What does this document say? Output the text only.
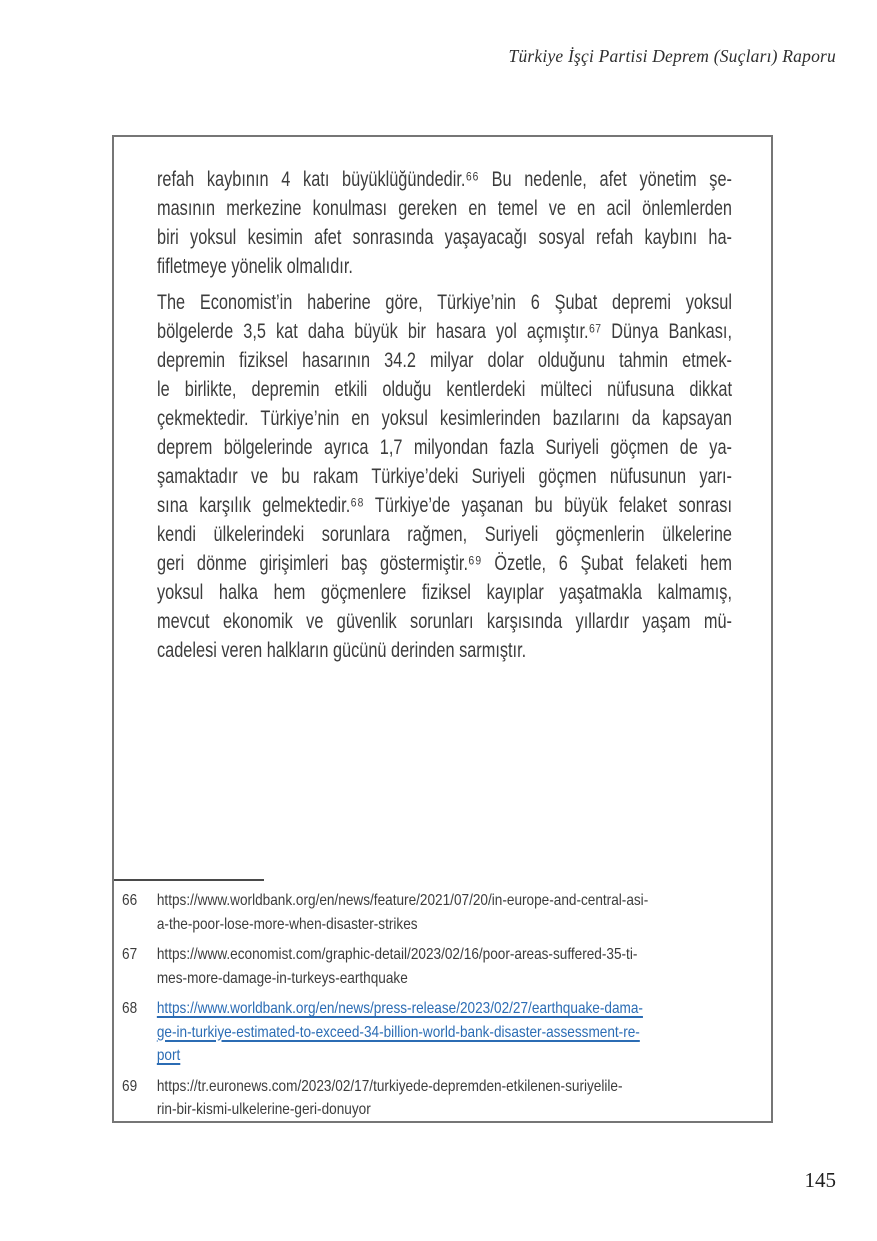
Türkiye İşçi Partisi Deprem (Suçları) Raporu
refah kaybının 4 katı büyüklüğündedir.⁶⁶ Bu nedenle, afet yönetim şe-
masının merkezine konulması gereken en temel ve en acil önlemlerden
biri yoksul kesimin afet sonrasında yaşayacağı sosyal refah kaybını ha-
fifletmeye yönelik olmalıdır.
The Economist’in haberine göre, Türkiye’nin 6 Şubat depremi yoksul
bölgelerde 3,5 kat daha büyük bir hasara yol açmıştır.⁶⁷ Dünya Bankası,
depremin fiziksel hasarının 34.2 milyar dolar olduğunu tahmin etmek-
le birlikte, depremin etkili olduğu kentlerdeki mülteci nüfusuna dikkat
çekmektedir. Türkiye’nin en yoksul kesimlerinden bazılarını da kapsayan
deprem bölgelerinde ayrıca 1,7 milyondan fazla Suriyeli göçmen de ya-
şamaktadır ve bu rakam Türkiye’deki Suriyeli göçmen nüfusunun yarı-
sına karşılık gelmektedir.⁶⁸ Türkiye’de yaşanan bu büyük felaket sonrası
kendi ülkelerindeki sorunlara rağmen, Suriyeli göçmenlerin ülkelerine
geri dönme girişimleri baş göstermiştir.⁶⁹ Özetle, 6 Şubat felaketi hem
yoksul halka hem göçmenlere fiziksel kayıplar yaşatmakla kalmamış,
mevcut ekonomik ve güvenlik sorunları karşısında yıllardır yaşam mü-
cadelesi veren halkların gücünü derinden sarmıştır.
66	https://www.worldbank.org/en/news/feature/2021/07/20/in-europe-and-central-asi-
a-the-poor-lose-more-when-disaster-strikes
67	https://www.economist.com/graphic-detail/2023/02/16/poor-areas-suffered-35-ti-
mes-more-damage-in-turkeys-earthquake
68	https://www.worldbank.org/en/news/press-release/2023/02/27/earthquake-dama-
ge-in-turkiye-estimated-to-exceed-34-billion-world-bank-disaster-assessment-re-
port
69	https://tr.euronews.com/2023/02/17/turkiyede-depremden-etkilenen-suriyelile-
rin-bir-kismi-ulkelerine-geri-donuyor
145
